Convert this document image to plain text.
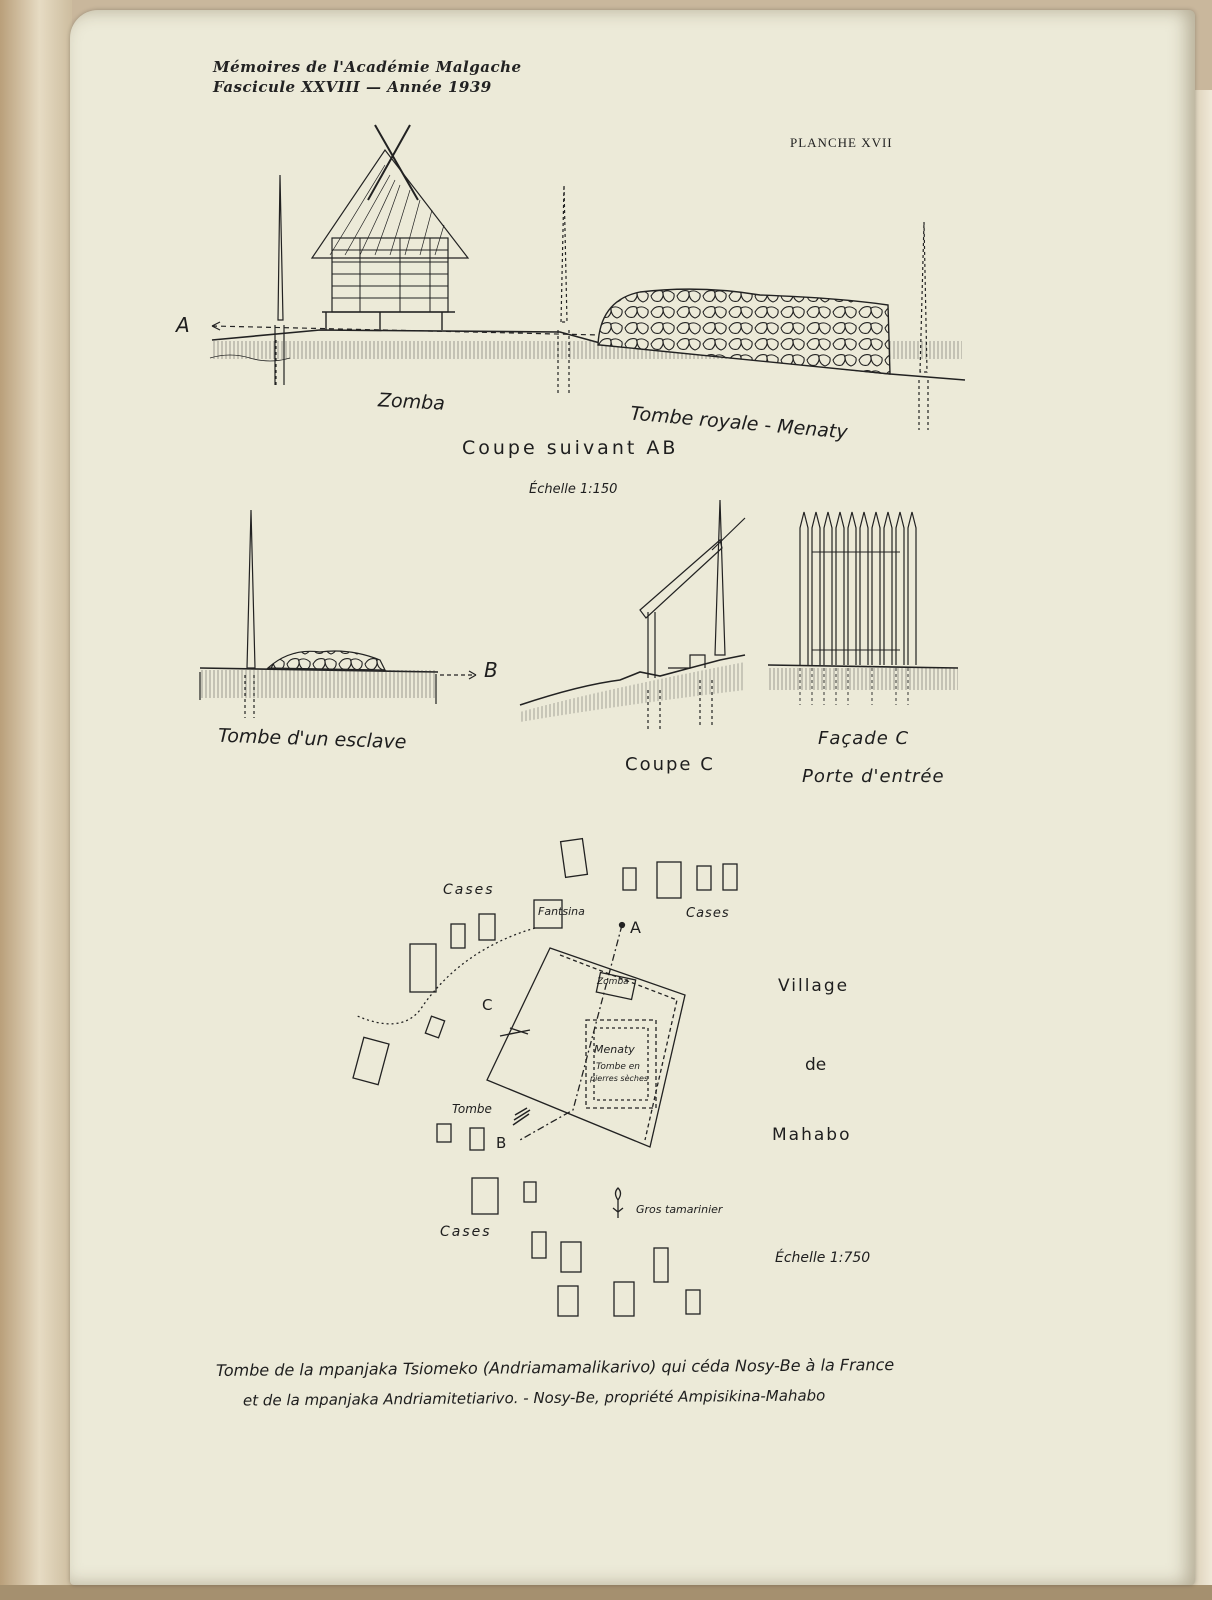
Mémoires de l'Académie Malgache
Fascicule XXVIII — Année 1939
PLANCHE XVII
A
Zomba
Tombe royale - Menaty
Coupe suivant AB
Échelle 1:150
B
Tombe d'un esclave
Coupe C
Façade C
Porte d'entrée
Cases
Fantsina	Cases
A
Zomba
C
Menaty
Tombe en
pierres sèches
Tombe
B
Cases
Gros tamarinier
Village
de
Mahabo
Échelle 1:750
Tombe de la mpanjaka Tsiomeko (Andriamamalikarivo) qui céda Nosy-Be à la France
et de la mpanjaka Andriamitetiarivo. - Nosy-Be, propriété Ampisikina-Mahabo
